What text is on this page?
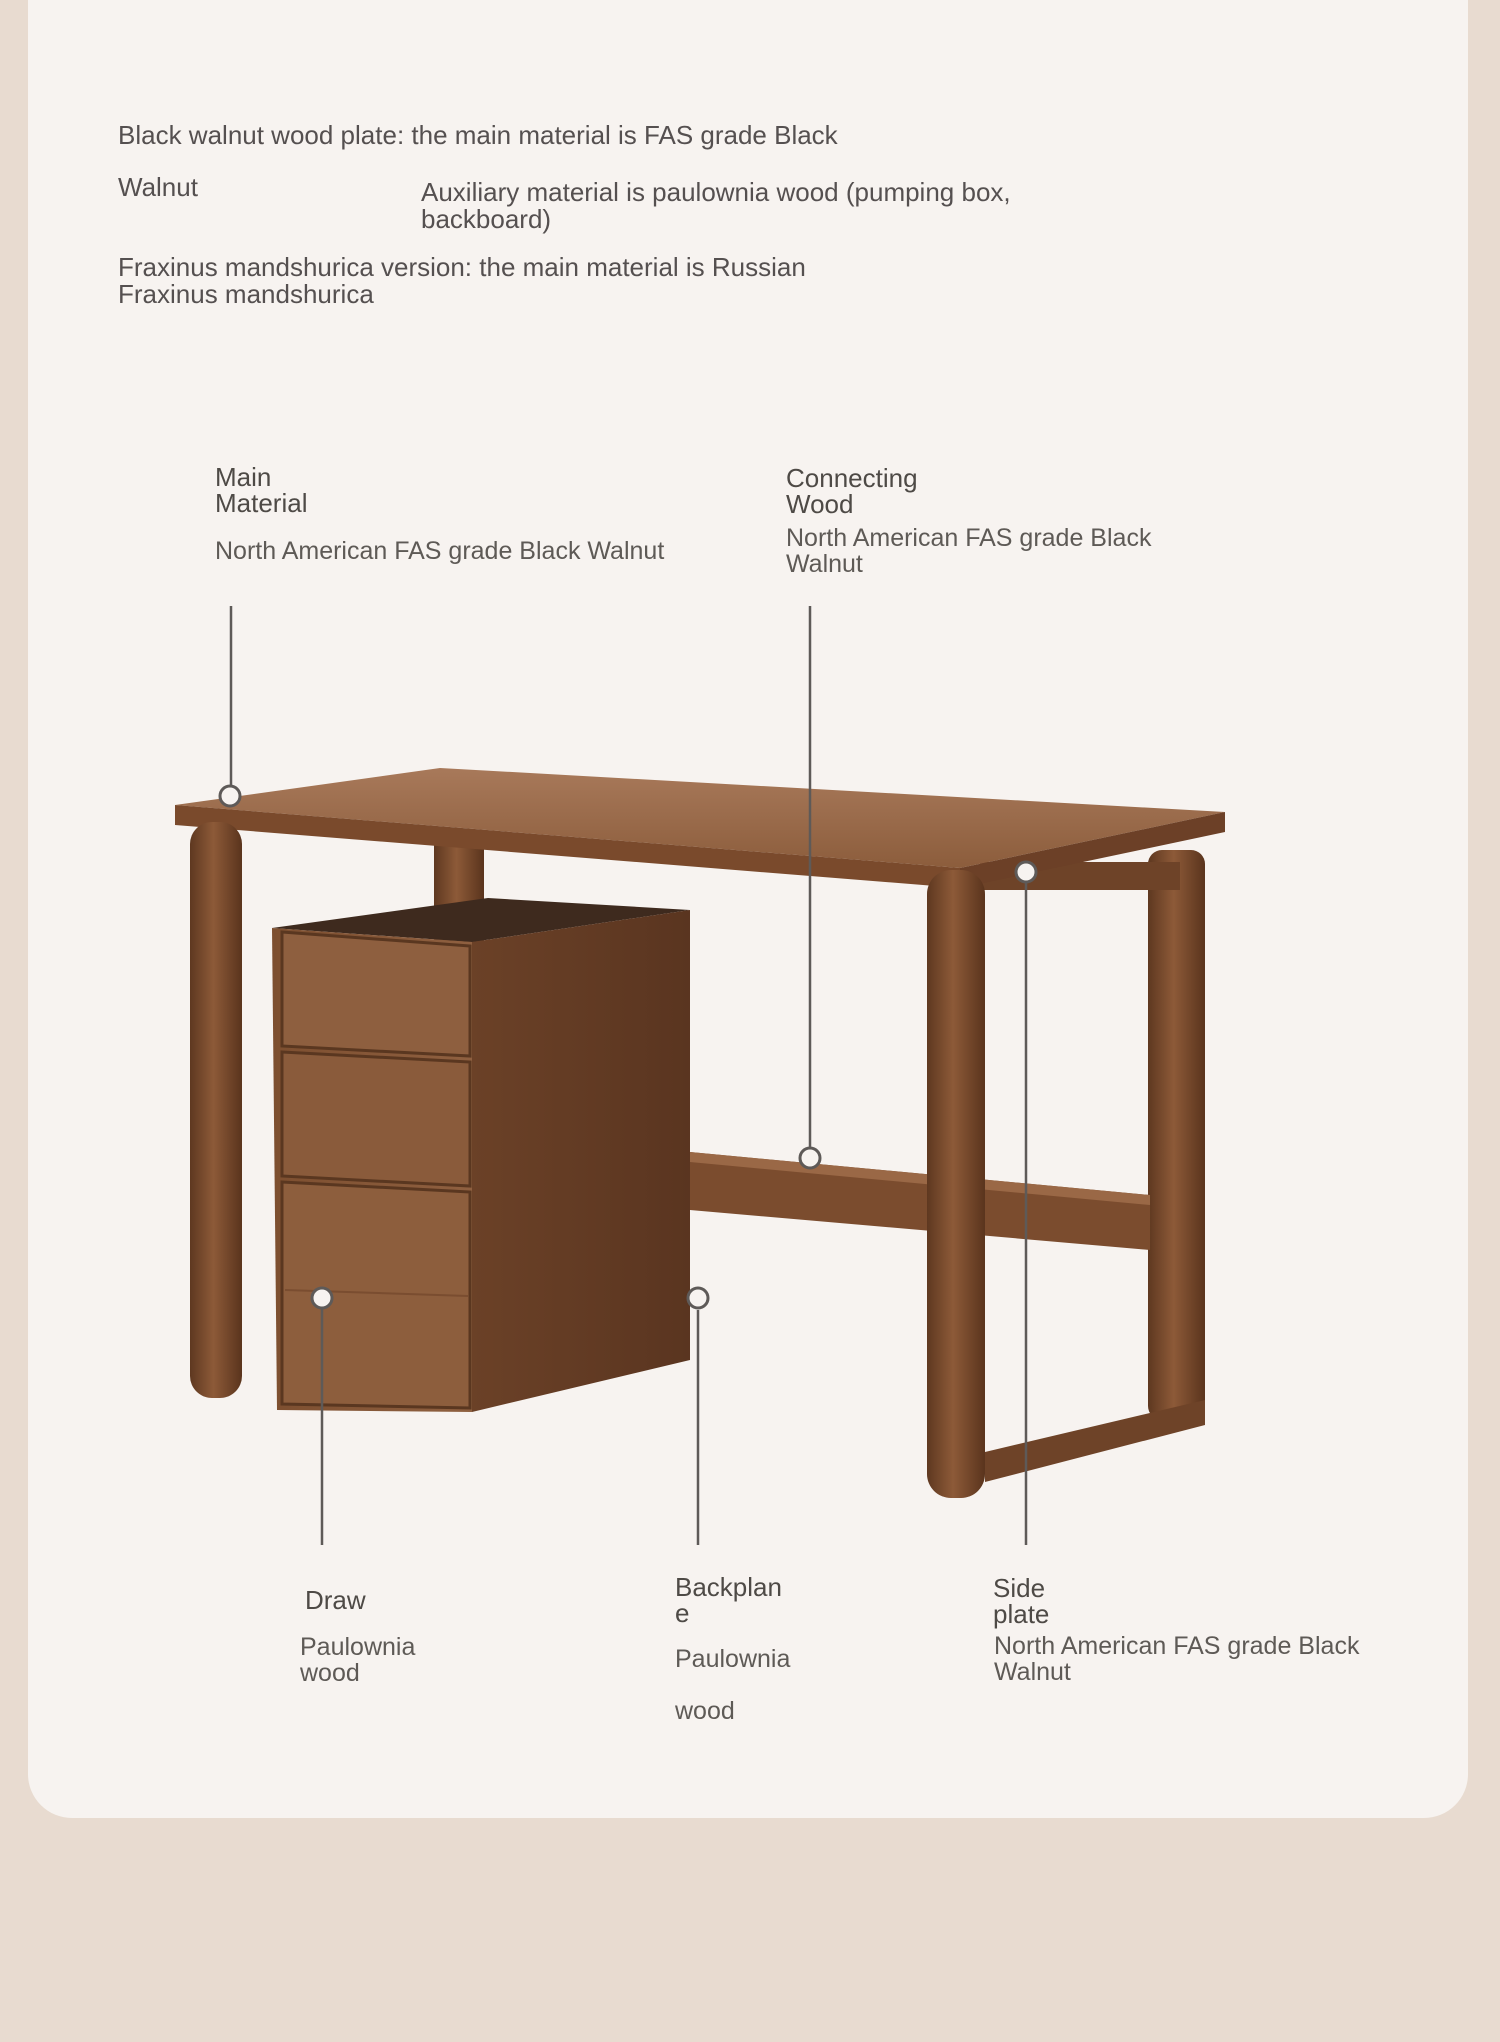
Black walnut wood plate: the main material is FAS grade Black
Walnut	Auxiliary material is paulownia wood (pumping box,
backboard)
Fraxinus mandshurica version: the main material is Russian
Fraxinus mandshurica
Main
Material
North American FAS grade Black Walnut
Connecting
Wood
North American FAS grade Black
Walnut
Draw
Paulownia
wood
Backplan
e
Paulownia
wood
Side
plate
North American FAS grade Black
Walnut
